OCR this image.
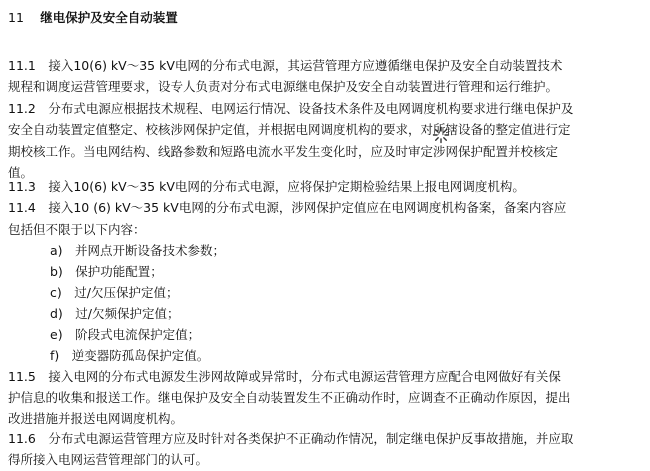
11 继电保护及安全自动装置
11.1　接入10(6) kV～35 kV电网的分布式电源，其运营管理方应遵循继电保护及安全自动装置技术
规程和调度运营管理要求，设专人负责对分布式电源继电保护及安全自动装置进行管理和运行维护。
11.2　分布式电源应根据技术规程、电网运行情况、设备技术条件及电网调度机构要求进行继电保护及
安全自动装置定值整定、校核涉网保护定值，并根据电网调度机构的要求，对所辖设备的整定值进行定
期校核工作。当电网结构、线路参数和短路电流水平发生变化时，应及时审定涉网保护配置并校核定
值。
11.3　接入10(6) kV～35 kV电网的分布式电源，应将保护定期检验结果上报电网调度机构。
11.4　接入10 (6) kV～35 kV电网的分布式电源，涉网保护定值应在电网调度机构备案，备案内容应
包括但不限于以下内容：
a)　并网点开断设备技术参数；
b)　保护功能配置；
c)　过/欠压保护定值；
d)　过/欠频保护定值；
e)　阶段式电流保护定值；
f)　逆变器防孤岛保护定值。
11.5　接入电网的分布式电源发生涉网故障或异常时，分布式电源运营管理方应配合电网做好有关保
护信息的收集和报送工作。继电保护及安全自动装置发生不正确动作时，应调查不正确动作原因，提出
改进措施并报送电网调度机构。
11.6　分布式电源运营管理方应及时针对各类保护不正确动作情况，制定继电保护反事故措施，并应取
得所接入电网运营管理部门的认可。
